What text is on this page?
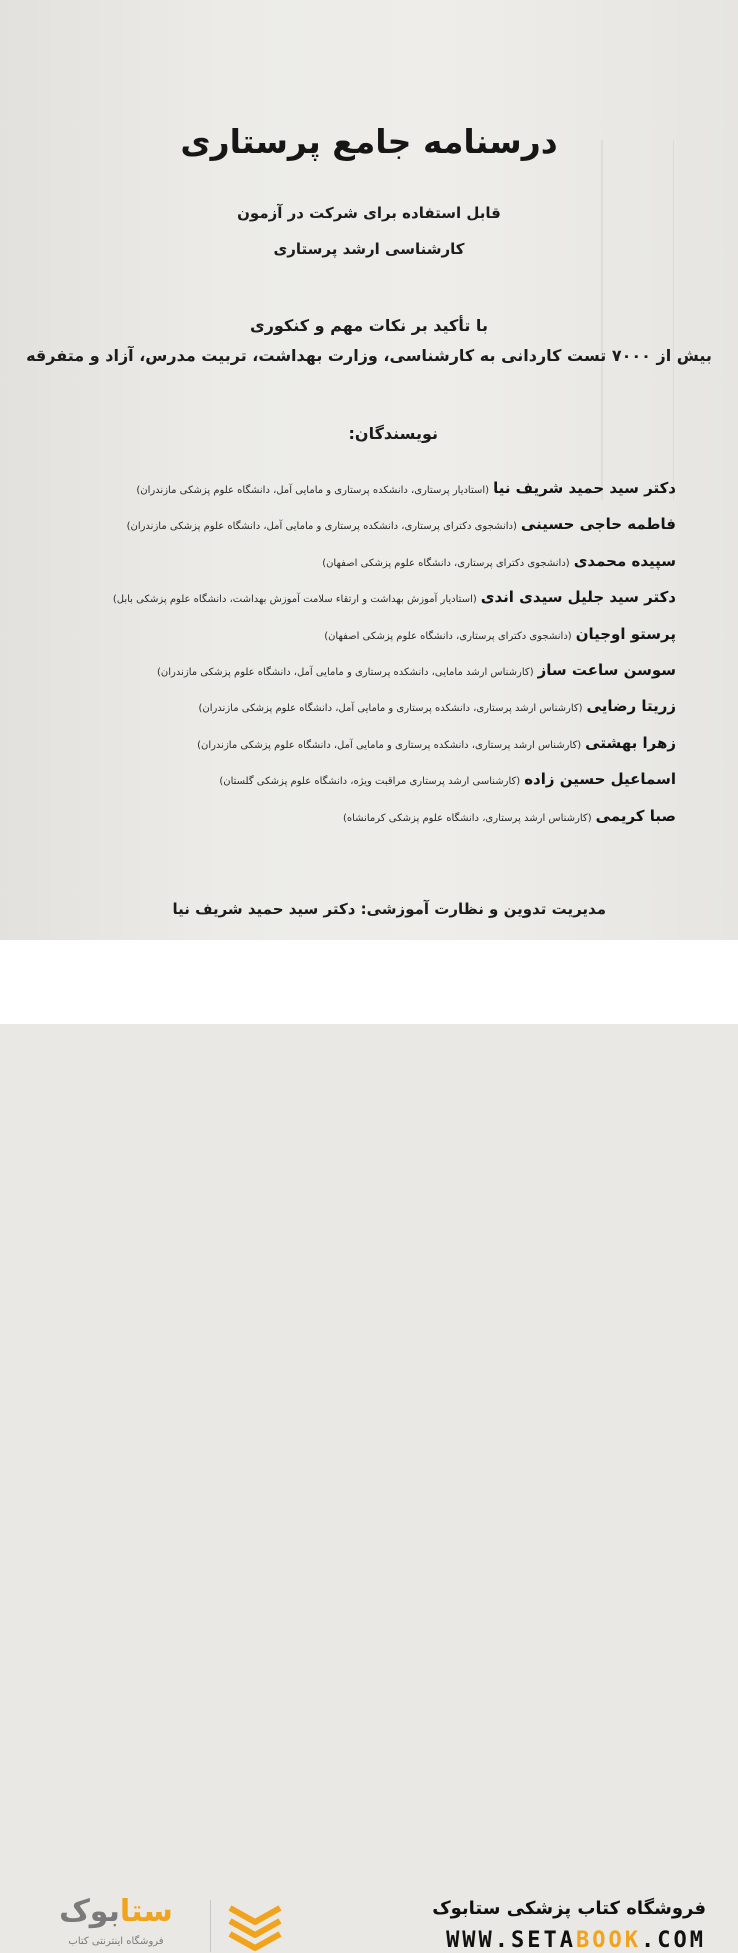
درسنامه جامع پرستاری
قابل استفاده برای شرکت در آزمون
کارشناسی ارشد پرستاری
با تأکید بر نکات مهم و کنکوری
بیش از ۷۰۰۰ تست کاردانی به کارشناسی، وزارت بهداشت، تربیت مدرس، آزاد و متفرقه
نویسندگان:
دکتر سید حمید شریف نیا(استادیار پرستاری، دانشکده پرستاری و مامایی آمل، دانشگاه علوم پزشکی مازندران)
فاطمه حاجی حسینی(دانشجوی دکترای پرستاری، دانشکده پرستاری و مامایی آمل، دانشگاه علوم پزشکی مازندران)
سپیده محمدی(دانشجوی دکترای پرستاری، دانشگاه علوم پزشکی اصفهان)
دکتر سید جلیل سیدی اندی(استادیار آموزش بهداشت و ارتقاء سلامت آموزش بهداشت، دانشگاه علوم پزشکی بابل)
پرستو اوجیان(دانشجوی دکترای پرستاری، دانشگاه علوم پزشکی اصفهان)
سوسن ساعت ساز(کارشناس ارشد مامایی، دانشکده پرستاری و مامایی آمل، دانشگاه علوم پزشکی مازندران)
زریتا رضایی(کارشناس ارشد پرستاری، دانشکده پرستاری و مامایی آمل، دانشگاه علوم پزشکی مازندران)
زهرا بهشتی(کارشناس ارشد پرستاری، دانشکده پرستاری و مامایی آمل، دانشگاه علوم پزشکی مازندران)
اسماعیل حسین زاده(کارشناسی ارشد پرستاری مراقبت ویژه، دانشگاه علوم پزشکی گلستان)
صبا کریمی(کارشناس ارشد پرستاری، دانشگاه علوم پزشکی کرمانشاه)
مدیریت تدوین و نظارت آموزشی: دکتر سید حمید شریف نیا
فروشگاه کتاب پزشکی ستابوک
WWW.SETABOOK.COM
ستابوک
فروشگاه اینترنتی کتاب
